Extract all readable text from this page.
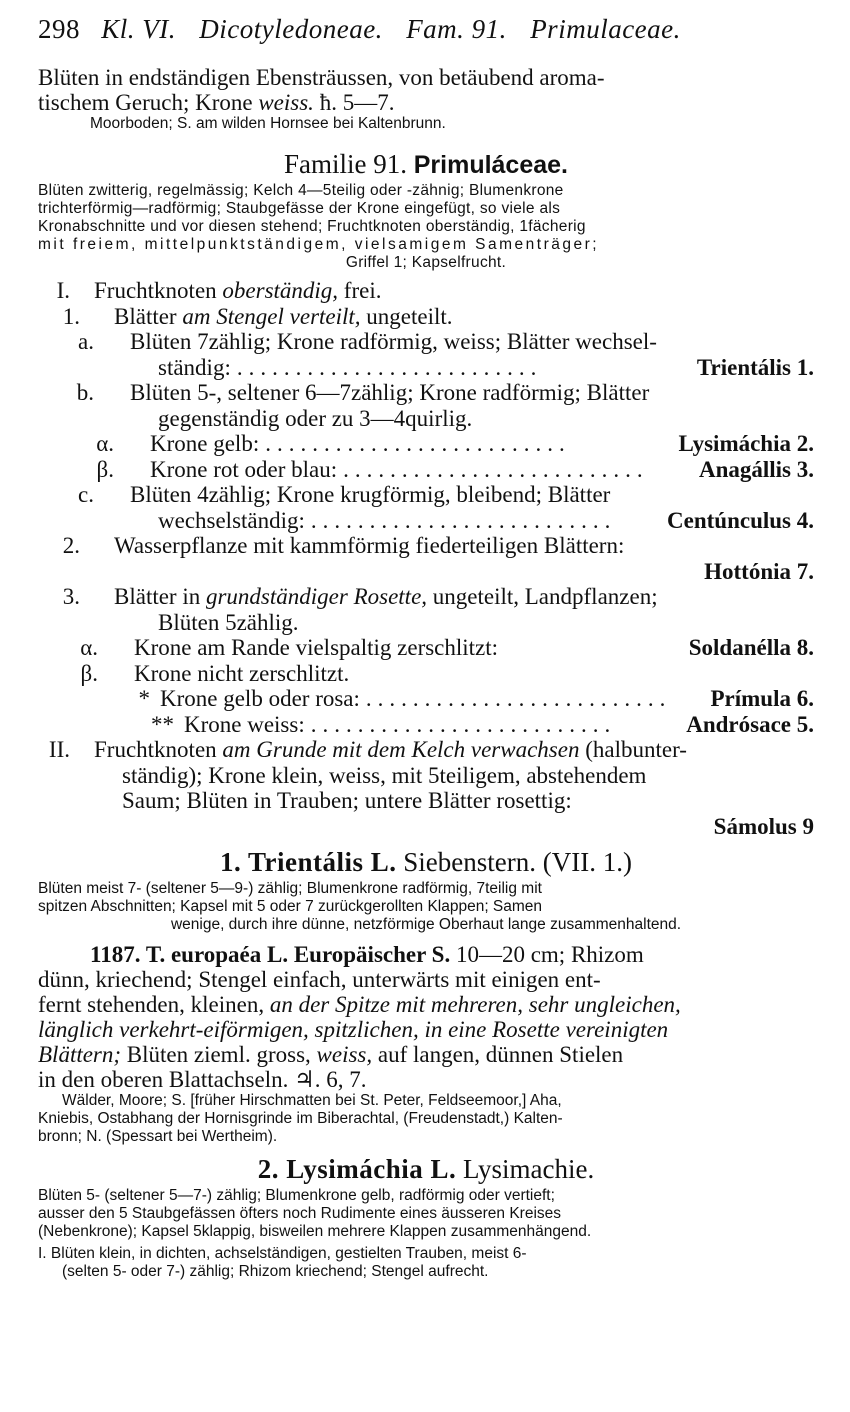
298 Kl. VI. Dicotyledoneae. Fam. 91. Primulaceae.
Blüten in endständigen Ebensträussen, von betäubend aroma-
tischem Geruch; Krone weiss. ħ. 5—7.
Moorboden; S. am wilden Hornsee bei Kaltenbrunn.
Familie 91. Primuláceae.
Blüten zwitterig, regelmässig; Kelch 4—5teilig oder -zähnig; Blumenkrone
trichterförmig—radförmig; Staubgefässe der Krone eingefügt, so viele als
Kronabschnitte und vor diesen stehend; Fruchtknoten oberständig, 1fächerig
mit freiem, mittelpunktständigem, vielsamigem Samenträger;
Griffel 1; Kapselfrucht.
I. Fruchtknoten oberständig, frei.
1. Blätter am Stengel verteilt, ungeteilt.
a. Blüten 7zählig; Krone radförmig, weiss; Blätter wechsel-
ständig: ..........................	Trientális 1.
b. Blüten 5-, seltener 6—7zählig; Krone radförmig; Blätter
gegenständig oder zu 3—4quirlig.
α. Krone gelb: ..........................	Lysimáchia 2.
β. Krone rot oder blau: ..........................	Anagállis 3.
c. Blüten 4zählig; Krone krugförmig, bleibend; Blätter
wechselständig: ..........................	Centúnculus 4.
2. Wasserpflanze mit kammförmig fiederteiligen Blättern:
Hottónia 7.
3. Blätter in grundständiger Rosette, ungeteilt, Landpflanzen;
Blüten 5zählig.
α. Krone am Rande vielspaltig zerschlitzt:	Soldanélla 8.
β. Krone nicht zerschlitzt.
* Krone gelb oder rosa: ..........................	Prímula 6.
** Krone weiss: ..........................	Andrósace 5.
II. Fruchtknoten am Grunde mit dem Kelch verwachsen (halbunter-
ständig); Krone klein, weiss, mit 5teiligem, abstehendem
Saum; Blüten in Trauben; untere Blätter rosettig:
Sámolus 9
1. Trientális L. Siebenstern. (VII. 1.)
Blüten meist 7- (seltener 5—9-) zählig; Blumenkrone radförmig, 7teilig mit
spitzen Abschnitten; Kapsel mit 5 oder 7 zurückgerollten Klappen; Samen
wenige, durch ihre dünne, netzförmige Oberhaut lange zusammenhaltend.
1187. T. europaéa L. Europäischer S. 10—20 cm; Rhizom
dünn, kriechend; Stengel einfach, unterwärts mit einigen ent-
fernt stehenden, kleinen, an der Spitze mit mehreren, sehr ungleichen,
länglich verkehrt-eiförmigen, spitzlichen, in eine Rosette vereinigten
Blättern; Blüten zieml. gross, weiss, auf langen, dünnen Stielen
in den oberen Blattachseln. ♃. 6, 7.
Wälder, Moore; S. [früher Hirschmatten bei St. Peter, Feldseemoor,] Aha,
Kniebis, Ostabhang der Hornisgrinde im Biberachtal, (Freudenstadt,) Kalten-
bronn; N. (Spessart bei Wertheim).
2. Lysimáchia L. Lysimachie.
Blüten 5- (seltener 5—7-) zählig; Blumenkrone gelb, radförmig oder vertieft;
ausser den 5 Staubgefässen öfters noch Rudimente eines äusseren Kreises
(Nebenkrone); Kapsel 5klappig, bisweilen mehrere Klappen zusammenhängend.
I. Blüten klein, in dichten, achselständigen, gestielten Trauben, meist 6-
(selten 5- oder 7-) zählig; Rhizom kriechend; Stengel aufrecht.
